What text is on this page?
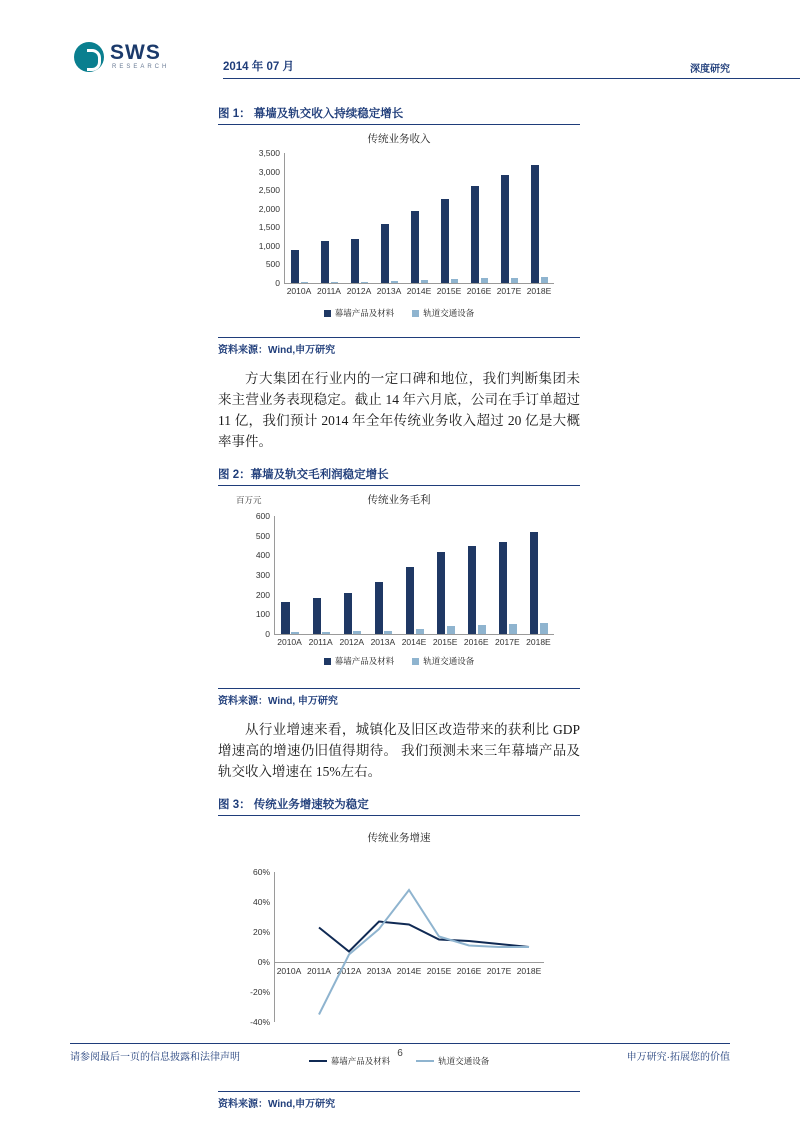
SWS
RESEARCH	2014 年 07 月	深度研究
图 1： 幕墙及轨交收入持续稳定增长
传统业务收入
0
500
1,000
1,500
2,000
2,500
3,000
3,500
2010A 2011A 2012A 2013A 2014E 2015E 2016E 2017E 2018E
幕墙产品及材料	轨道交通设备
资料来源：Wind,申万研究
方大集团在行业内的一定口碑和地位，我们判断集团未来主营业务表现稳定。截止 14 年六月底，公司在手订单超过 11 亿，我们预计 2014 年全年传统业务收入超过 20 亿是大概率事件。
图 2：幕墙及轨交毛利润稳定增长
传统业务毛利
百万元
0
100
200
300
400
500
600
2010A 2011A 2012A 2013A 2014E 2015E 2016E 2017E 2018E
幕墙产品及材料	轨道交通设备
资料来源：Wind, 申万研究
从行业增速来看，城镇化及旧区改造带来的获利比 GDP 增速高的增速仍旧值得期待。 我们预测未来三年幕墙产品及轨交收入增速在 15%左右。
图 3： 传统业务增速较为稳定
传统业务增速
-40%
-20%
0%
20%
40%
60%
2010A 2011A 2012A 2013A 2014E 2015E 2016E 2017E 2018E
幕墙产品及材料	轨道交通设备
资料来源：Wind,申万研究
请参阅最后一页的信息披露和法律声明	6	申万研究·拓展您的价值
